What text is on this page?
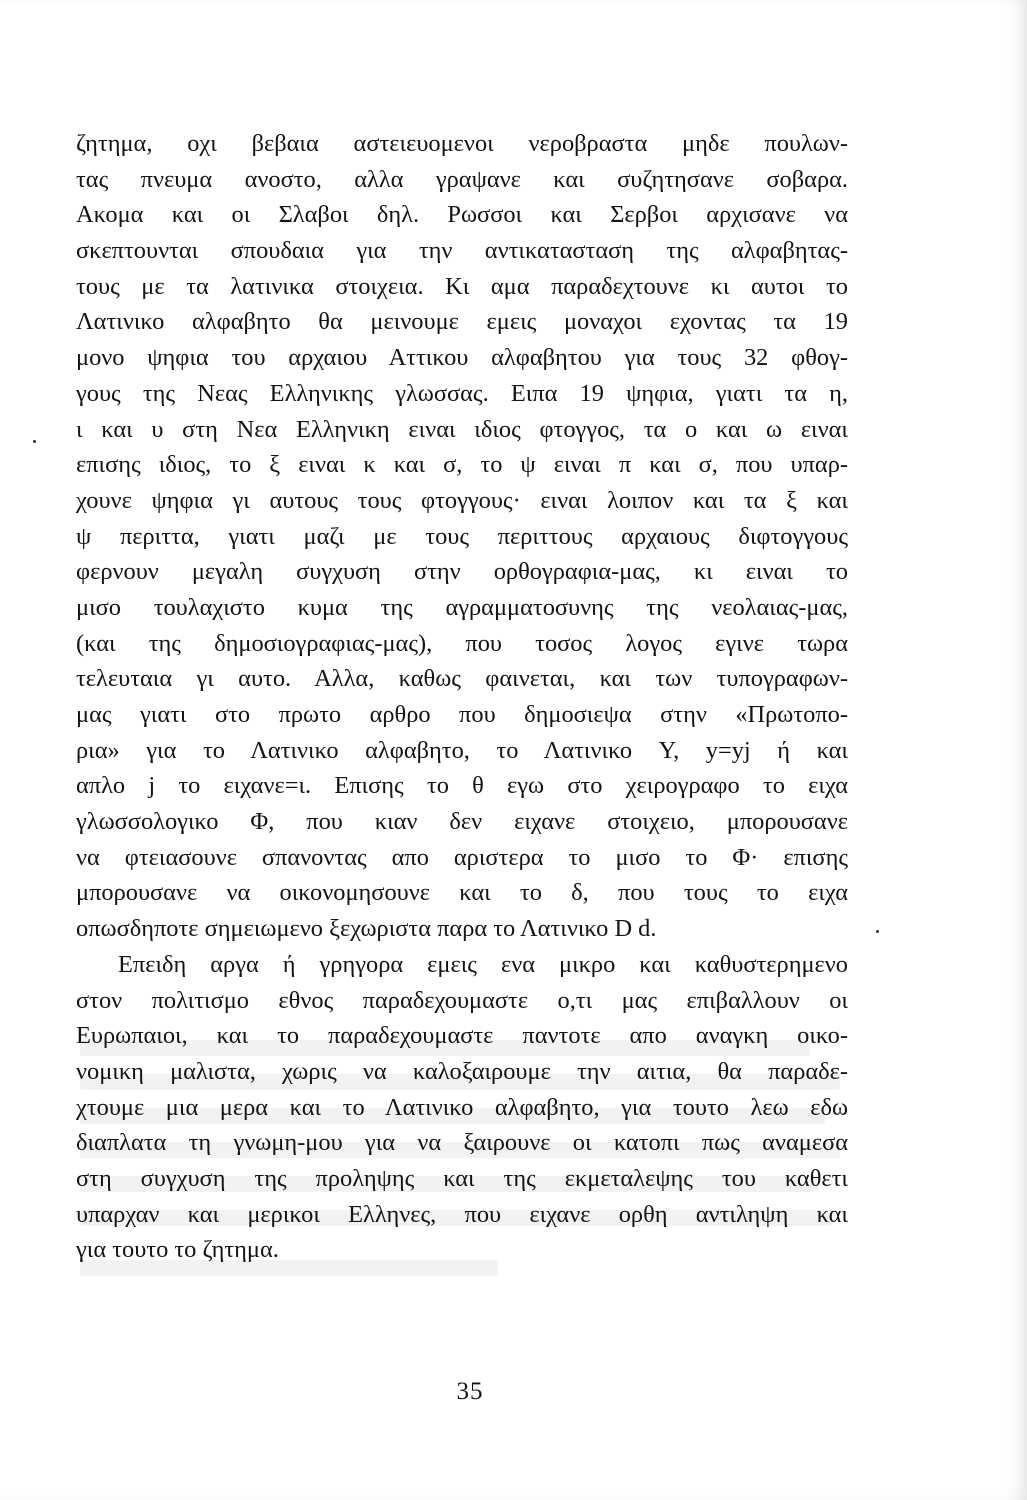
ζητημα, οχι βεβαια αστειευομενοι νεροβραστα μηδε πουλων-
τας πνευμα ανοστο, αλλα γραψανε και συζητησανε σοβαρα.
Ακομα και οι Σλαβοι δηλ. Ρωσσοι και Σερβοι αρχισανε να
σκεπτουνται σπουδαια για την αντικατασταση της αλφαβητας-
τους με τα λατινικα στοιχεια. Κι αμα παραδεχτουνε κι αυτοι το
Λατινικο αλφαβητο θα μεινουμε εμεις μοναχοι εχοντας τα 19
μονο ψηφια του αρχαιου Αττικου αλφαβητου για τους 32 φθογ-
γους της Νεας Ελληνικης γλωσσας. Ειπα 19 ψηφια, γιατι τα η,
ι και υ στη Νεα Ελληνικη ειναι ιδιος φτογγος, τα ο και ω ειναι
επισης ιδιος, το ξ ειναι κ και σ, το ψ ειναι π και σ, που υπαρ-
χουνε ψηφια γι αυτους τους φτογγους· ειναι λοιπον και τα ξ και
ψ περιττα, γιατι μαζι με τους περιττους αρχαιους διφτογγους
φερνουν μεγαλη συγχυση στην ορθογραφια-μας, κι ειναι το
μισο τουλαχιστο κυμα της αγραμματοσυνης της νεολαιας-μας,
(και της δημοσιογραφιας-μας), που τοσος λογος εγινε τωρα
τελευταια γι αυτο. Αλλα, καθως φαινεται, και των τυπογραφων-
μας γιατι στο πρωτο αρθρο που δημοσιεψα στην «Πρωτοπο-
ρια» για το Λατινικο αλφαβητο, το Λατινικο Y, y=yj ή και
απλο j το ειχανε=ι. Επισης το θ εγω στο χειρογραφο το ειχα
γλωσσολογικο Φ, που κιαν δεν ειχανε στοιχειο, μπορουσανε
να φτειασουνε σπανοντας απο αριστερα το μισο το Φ· επισης
μπορουσανε να οικονομησουνε και το δ, που τους το ειχα
οπωσδηποτε σημειωμενο ξεχωριστα παρα το Λατινικο D d.
Επειδη αργα ή γρηγορα εμεις ενα μικρο και καθυστερημενο
στον πολιτισμο εθνος παραδεχουμαστε ο,τι μας επιβαλλουν οι
Ευρωπαιοι, και το παραδεχουμαστε παντοτε απο αναγκη οικο-
νομικη μαλιστα, χωρις να καλοξαιρουμε την αιτια, θα παραδε-
χτουμε μια μερα και το Λατινικο αλφαβητο, για τουτο λεω εδω
διαπλατα τη γνωμη-μου για να ξαιρουνε οι κατοπι πως αναμεσα
στη συγχυση της προληψης και της εκμεταλεψης του καθετι
υπαρχαν και μερικοι Ελληνες, που ειχανε ορθη αντιληψη και
για τουτο το ζητημα.
35
